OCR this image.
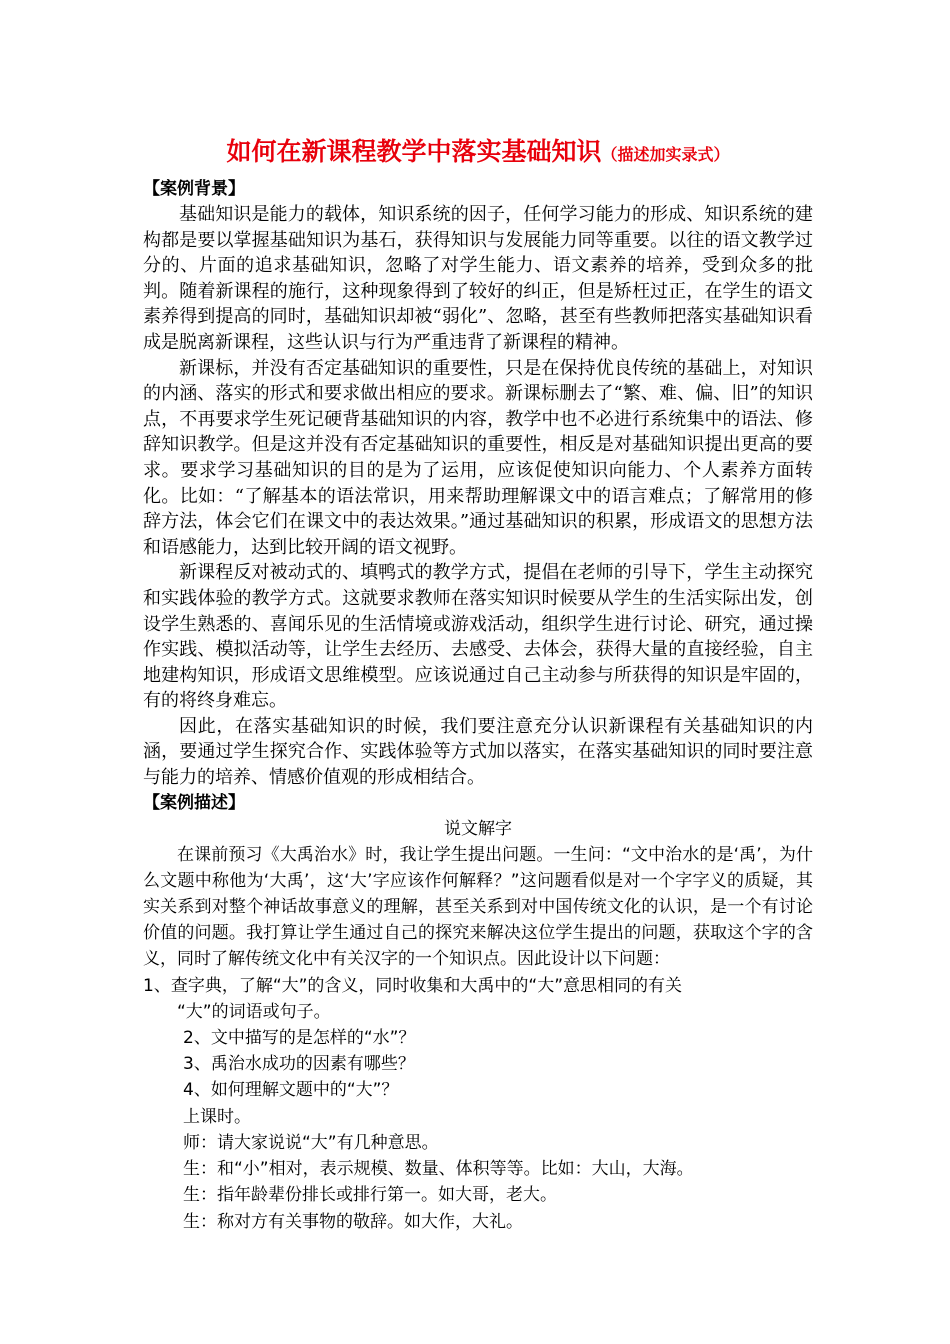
如何在新课程教学中落实基础知识（描述加实录式）
【案例背景】

基础知识是能力的载体，知识系统的因子，任何学习能力的形成、知识系统的建构都是要以掌握基础知识为基石，获得知识与发展能力同等重要。以往的语文教学过分的、片面的追求基础知识，忽略了对学生能力、语文素养的培养，受到众多的批判。随着新课程的施行，这种现象得到了较好的纠正，但是矫枉过正，在学生的语文素养得到提高的同时，基础知识却被“弱化”、忽略，甚至有些教师把落实基础知识看成是脱离新课程，这些认识与行为严重违背了新课程的精神。

新课标，并没有否定基础知识的重要性，只是在保持优良传统的基础上，对知识的内涵、落实的形式和要求做出相应的要求。新课标删去了“繁、难、偏、旧”的知识点，不再要求学生死记硬背基础知识的内容，教学中也不必进行系统集中的语法、修辞知识教学。但是这并没有否定基础知识的重要性，相反是对基础知识提出更高的要求。要求学习基础知识的目的是为了运用，应该促使知识向能力、个人素养方面转化。比如：“了解基本的语法常识，用来帮助理解课文中的语言难点；了解常用的修辞方法，体会它们在课文中的表达效果。”通过基础知识的积累，形成语文的思想方法和语感能力，达到比较开阔的语文视野。

新课程反对被动式的、填鸭式的教学方式，提倡在老师的引导下，学生主动探究和实践体验的教学方式。这就要求教师在落实知识时候要从学生的生活实际出发，创设学生熟悉的、喜闻乐见的生活情境或游戏活动，组织学生进行讨论、研究，通过操作实践、模拟活动等，让学生去经历、去感受、去体会，获得大量的直接经验，自主地建构知识，形成语文思维模型。应该说通过自己主动参与所获得的知识是牢固的，有的将终身难忘。

因此，在落实基础知识的时候，我们要注意充分认识新课程有关基础知识的内涵，要通过学生探究合作、实践体验等方式加以落实，在落实基础知识的同时要注意与能力的培养、情感价值观的形成相结合。

【案例描述】

说文解字

在课前预习《大禹治水》时，我让学生提出问题。一生问：“文中治水的是‘禹’，为什么文题中称他为‘大禹’，这‘大’字应该作何解释？”这问题看似是对一个字字义的质疑，其实关系到对整个神话故事意义的理解，甚至关系到对中国传统文化的认识，是一个有讨论价值的问题。我打算让学生通过自己的探究来解决这位学生提出的问题，获取这个字的含义，同时了解传统文化中有关汉字的一个知识点。因此设计以下问题：

1、查字典，了解“大”的含义，同时收集和大禹中的“大”意思相同的有关
“大”的词语或句子。

2、文中描写的是怎样的“水”？

3、禹治水成功的因素有哪些？

4、如何理解文题中的“大”？

上课时。

师：请大家说说“大”有几种意思。

生：和“小”相对，表示规模、数量、体积等等。比如：大山，大海。

生：指年龄辈份排长或排行第一。如大哥，老大。

生：称对方有关事物的敬辞。如大作，大礼。
